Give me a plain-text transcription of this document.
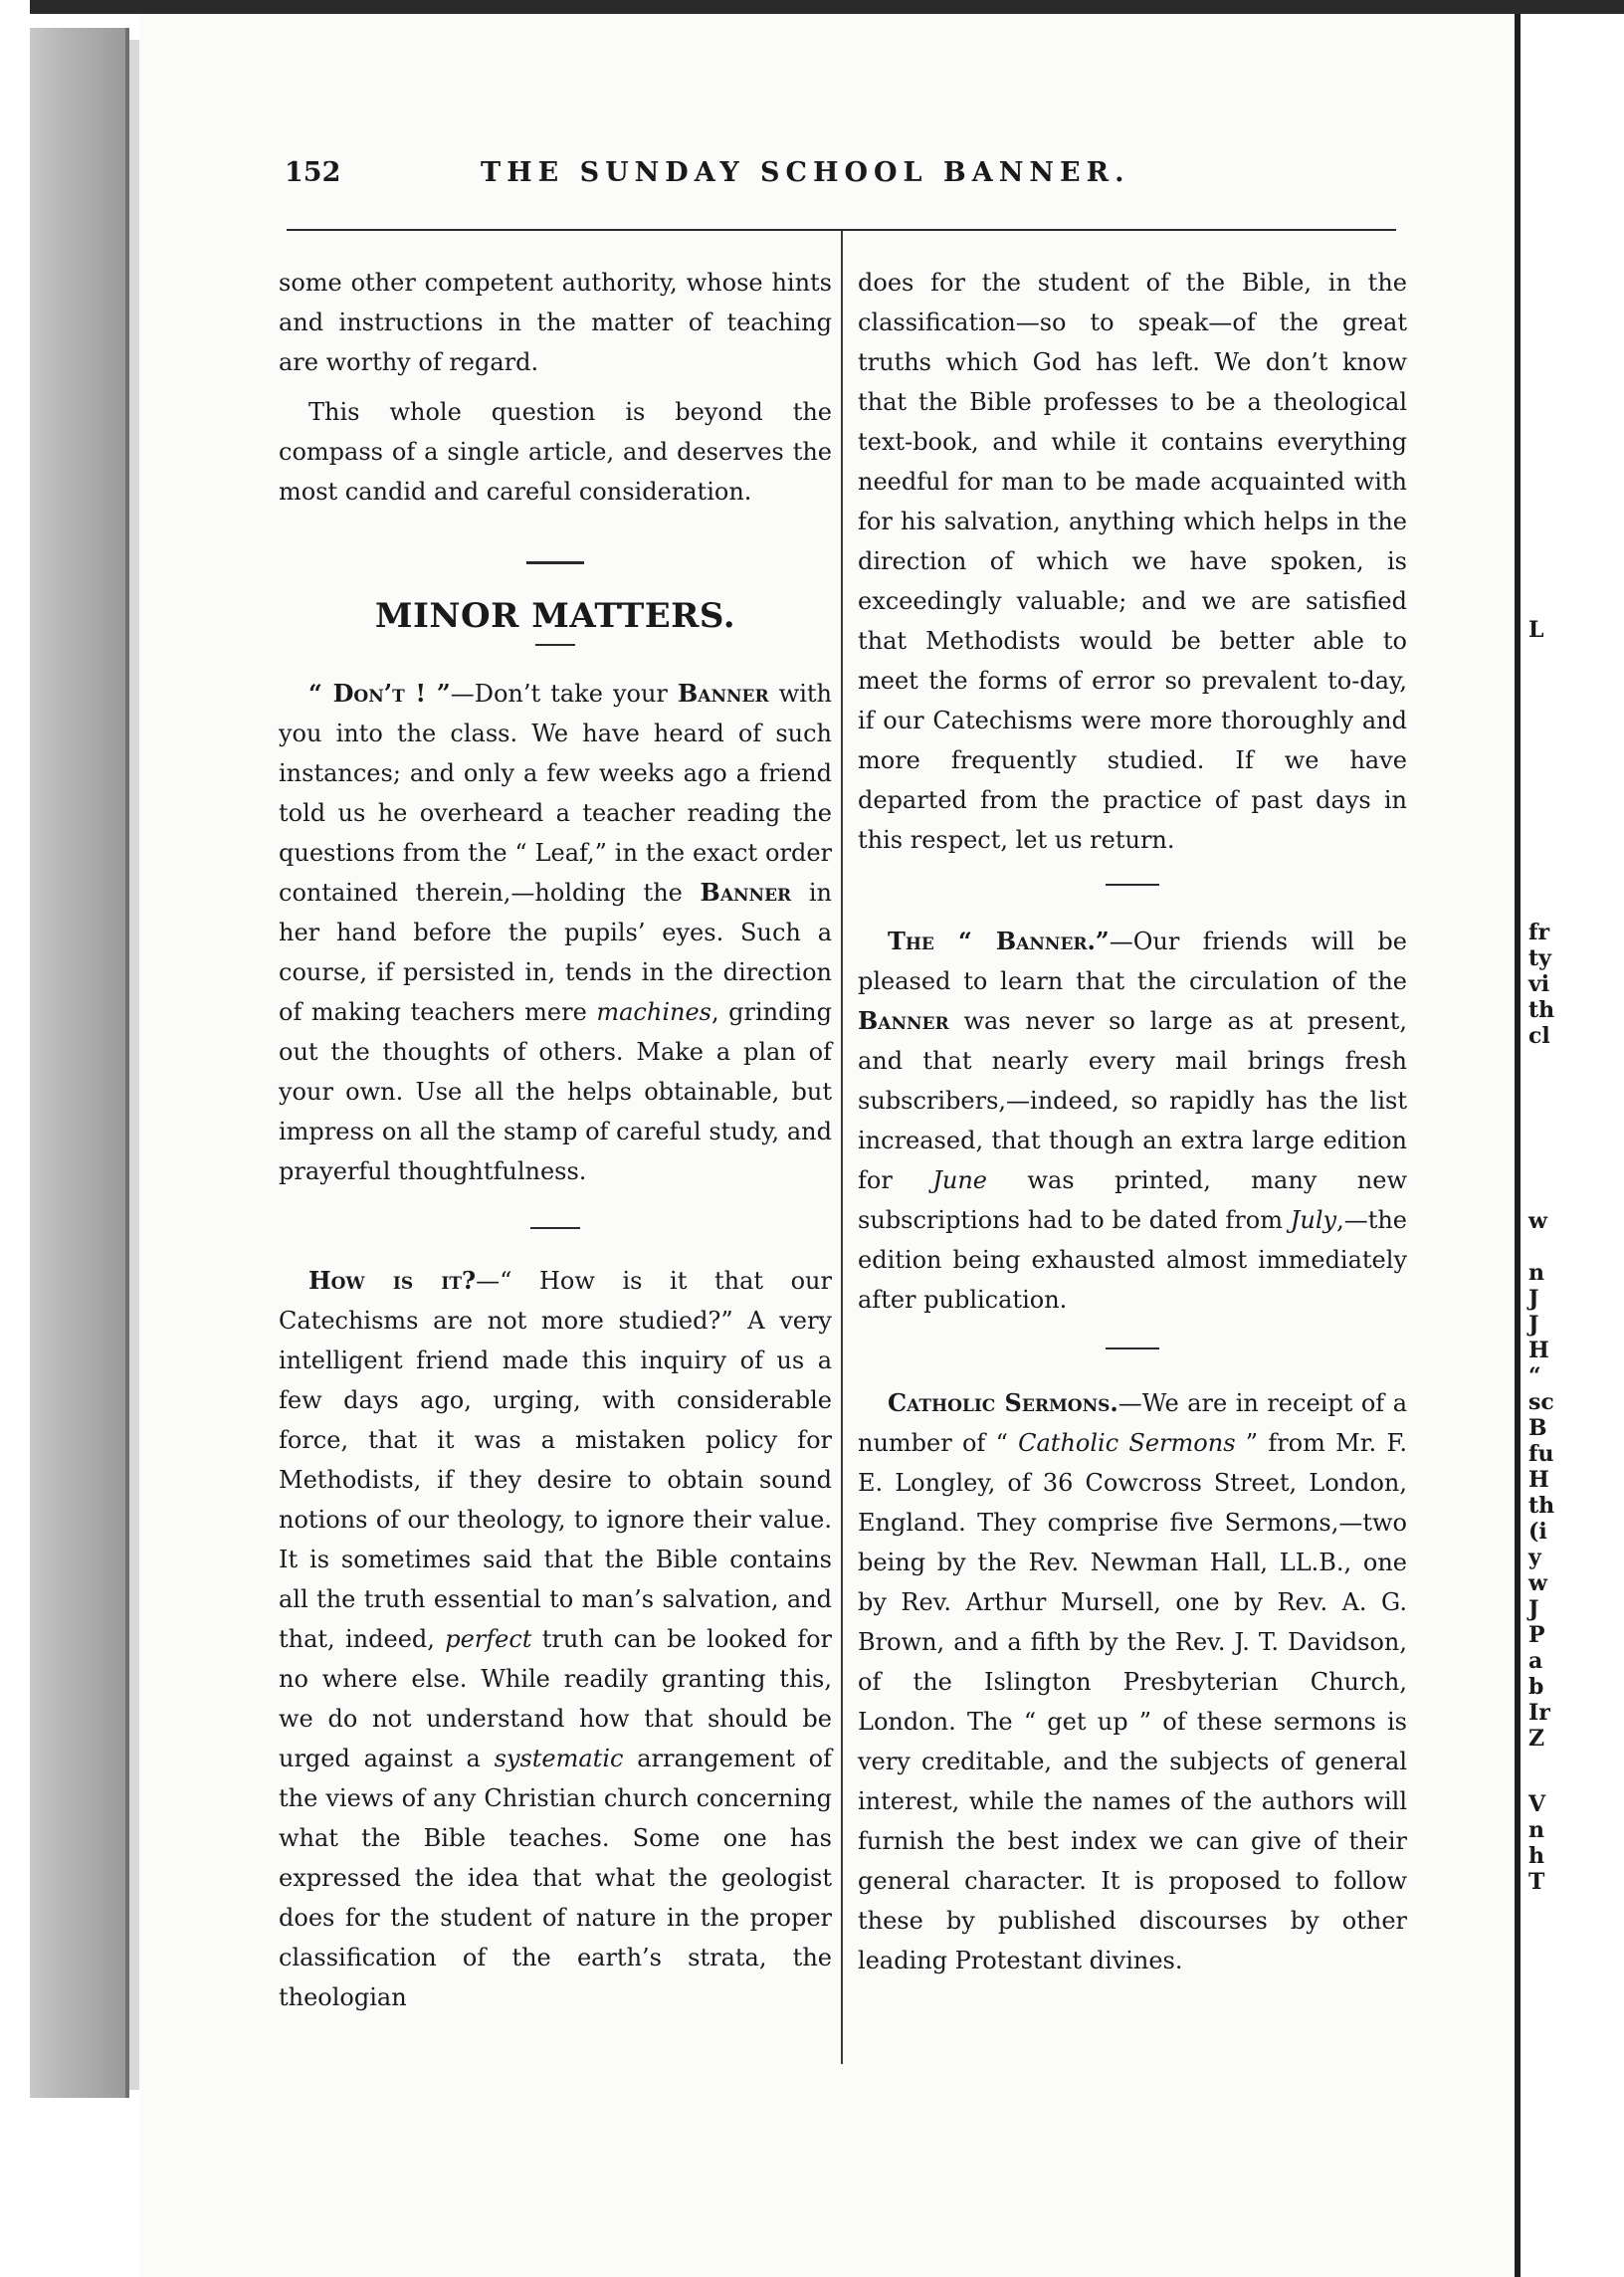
152	THE SUNDAY SCHOOL BANNER.

some other competent authority, whose hints and instructions in the matter of teaching are worthy of regard.

This whole question is beyond the compass of a single article, and deserves the most candid and careful consideration.

MINOR MATTERS.

“ Don’t ! ”—Don’t take your Banner with you into the class. We have heard of such instances; and only a few weeks ago a friend told us he overheard a teacher reading the questions from the “ Leaf,” in the exact order contained therein,—holding the Banner in her hand before the pupils’ eyes. Such a course, if persisted in, tends in the direction of making teachers mere machines, grinding out the thoughts of others. Make a plan of your own. Use all the helps obtainable, but impress on all the stamp of careful study, and prayerful thoughtfulness.

How is it?—“ How is it that our Catechisms are not more studied?” A very intelligent friend made this inquiry of us a few days ago, urging, with considerable force, that it was a mistaken policy for Methodists, if they desire to obtain sound notions of our theology, to ignore their value. It is sometimes said that the Bible contains all the truth essential to man’s salvation, and that, indeed, perfect truth can be looked for no where else. While readily granting this, we do not understand how that should be urged against a systematic arrangement of the views of any Christian church concerning what the Bible teaches. Some one has expressed the idea that what the geologist does for the student of nature in the proper classification of the earth’s strata, the theologian

does for the student of the Bible, in the classification—so to speak—of the great truths which God has left. We don’t know that the Bible professes to be a theological text-book, and while it contains everything needful for man to be made acquainted with for his salvation, anything which helps in the direction of which we have spoken, is exceedingly valuable; and we are satisfied that Methodists would be better able to meet the forms of error so prevalent to-day, if our Catechisms were more thoroughly and more frequently studied. If we have departed from the practice of past days in this respect, let us return.

The “ Banner.”—Our friends will be pleased to learn that the circulation of the Banner was never so large as at present, and that nearly every mail brings fresh subscribers,—indeed, so rapidly has the list increased, that though an extra large edition for June was printed, many new subscriptions had to be dated from July,—the edition being exhausted almost immediately after publication.

Catholic Sermons.—We are in receipt of a number of “ Catholic Sermons ” from Mr. F. E. Longley, of 36 Cowcross Street, London, England. They comprise five Sermons,—two being by the Rev. Newman Hall, LL.B., one by Rev. Arthur Mursell, one by Rev. A. G. Brown, and a fifth by the Rev. J. T. Davidson, of the Islington Presbyterian Church, London. The “ get up ” of these sermons is very creditable, and the subjects of general interest, while the names of the authors will furnish the best index we can give of their general character. It is proposed to follow these by published discourses by other leading Protestant divines.

L
fr
ty
vi
th
cl
w
n
J
J
H
“
sc
B
fu
H
th
(i
y
w
J
P
a
b
Ir
Z
V
n
h
T
